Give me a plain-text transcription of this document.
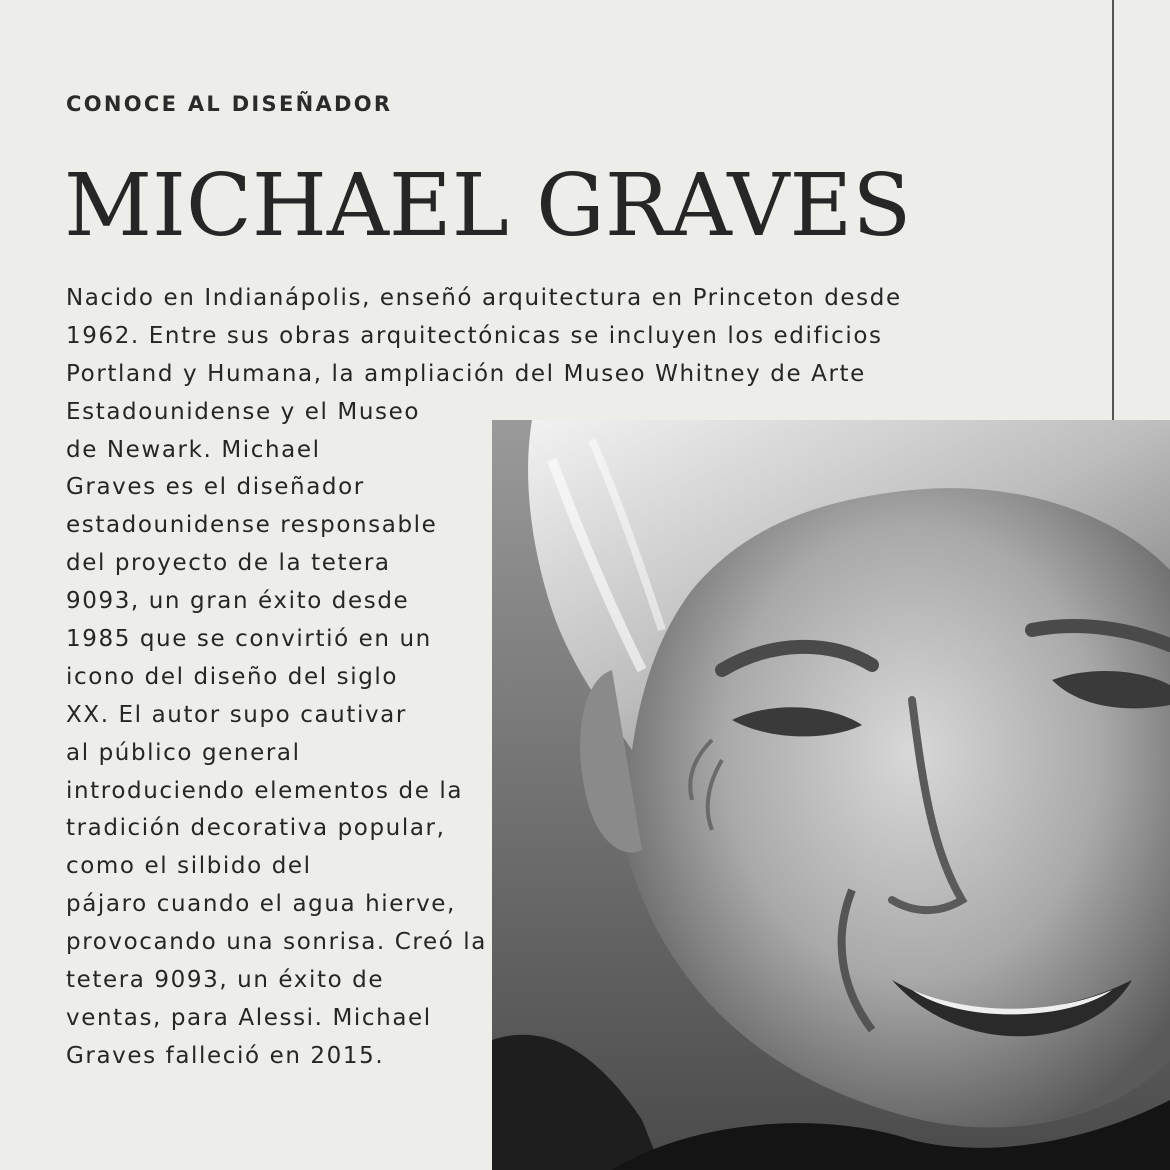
CONOCE AL DISEÑADOR
MICHAEL GRAVES

Nacido en Indianápolis, enseñó arquitectura en Princeton desde
1962. Entre sus obras arquitectónicas se incluyen los edificios
Portland y Humana, la ampliación del Museo Whitney de Arte

Estadounidense y el Museo
de Newark. Michael
Graves es el diseñador
estadounidense responsable
del proyecto de la tetera
9093, un gran éxito desde
1985 que se convirtió en un
icono del diseño del siglo
XX. El autor supo cautivar
al público general
introduciendo elementos de la
tradición decorativa popular,
como el silbido del
pájaro cuando el agua hierve,
provocando una sonrisa. Creó la
tetera 9093, un éxito de
ventas, para Alessi. Michael
Graves falleció en 2015.
